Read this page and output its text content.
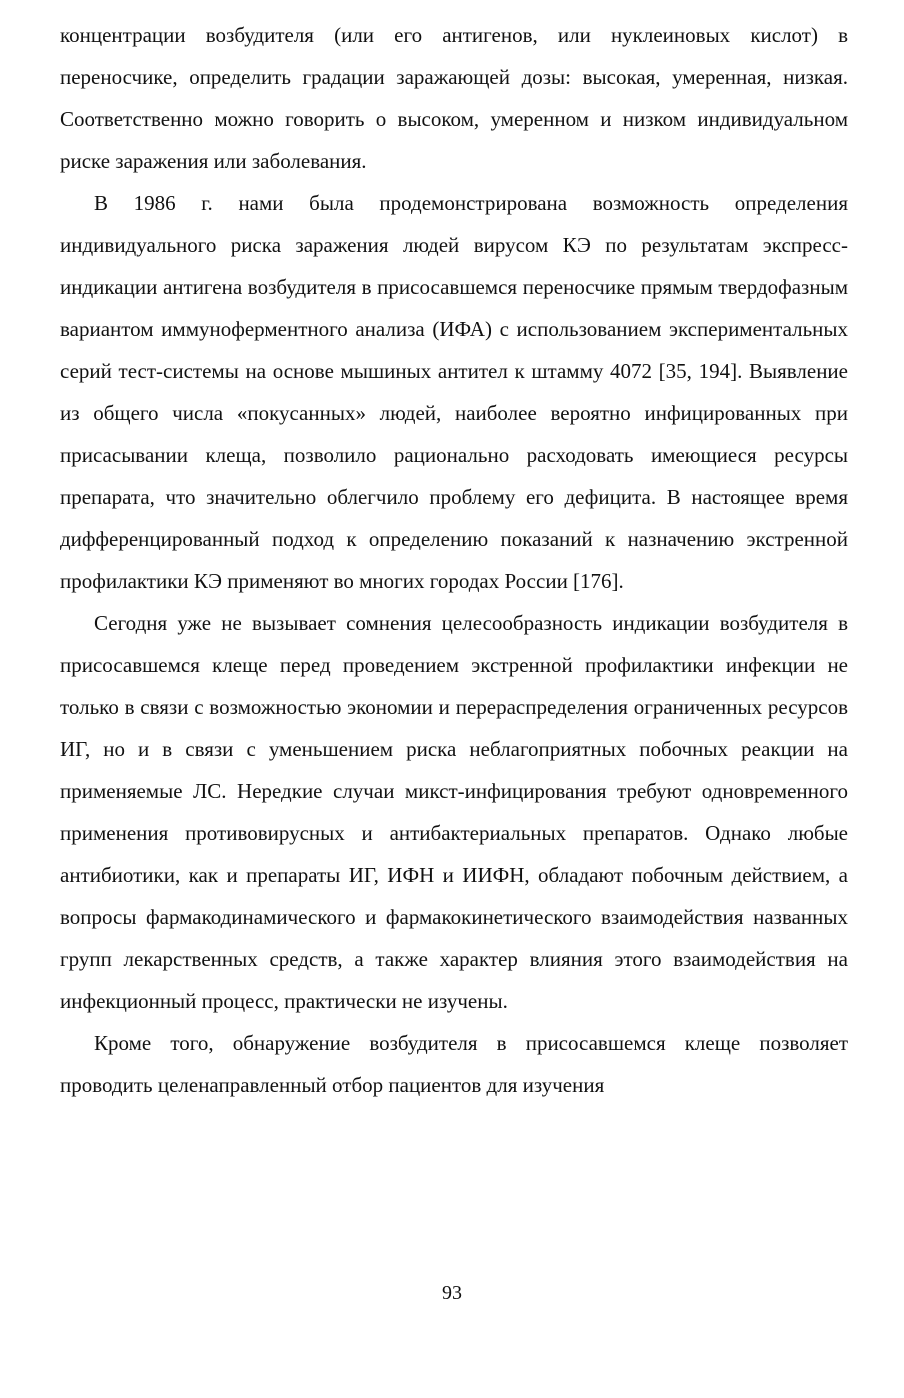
концентрации возбудителя (или его антигенов, или нуклеиновых кислот) в переносчике, определить градации заражающей дозы: высокая, умеренная, низкая. Соответственно можно говорить о высоком, умеренном и низком индивидуальном риске заражения или заболевания.

В 1986 г. нами была продемонстрирована возможность определения индивидуального риска заражения людей вирусом КЭ по результатам экспресс-индикации антигена возбудителя в присосавшемся переносчике прямым твердофазным вариантом иммуноферментного анализа (ИФА) с использованием экспериментальных серий тест-системы на основе мышиных антител к штамму 4072 [35, 194]. Выявление из общего числа «покусанных» людей, наиболее вероятно инфицированных при присасывании клеща, позволило рационально расходовать имеющиеся ресурсы препарата, что значительно облегчило проблему его дефицита. В настоящее время дифференцированный подход к определению показаний к назначению экстренной профилактики КЭ применяют во многих городах России [176].

Сегодня уже не вызывает сомнения целесообразность индикации возбудителя в присосавшемся клеще перед проведением экстренной профилактики инфекции не только в связи с возможностью экономии и перераспределения ограниченных ресурсов ИГ, но и в связи с уменьшением риска неблагоприятных побочных реакции на применяемые ЛС. Нередкие случаи микст-инфицирования требуют одновременного применения противовирусных и антибактериальных препаратов. Однако любые антибиотики, как и препараты ИГ, ИФН и ИИФН, обладают побочным действием, а вопросы фармакодинамического и фармакокинетического взаимодействия названных групп лекарственных средств, а также характер влияния этого взаимодействия на инфекционный процесс, практически не изучены.

Кроме того, обнаружение возбудителя в присосавшемся клеще позволяет проводить целенаправленный отбор пациентов для изучения

93
